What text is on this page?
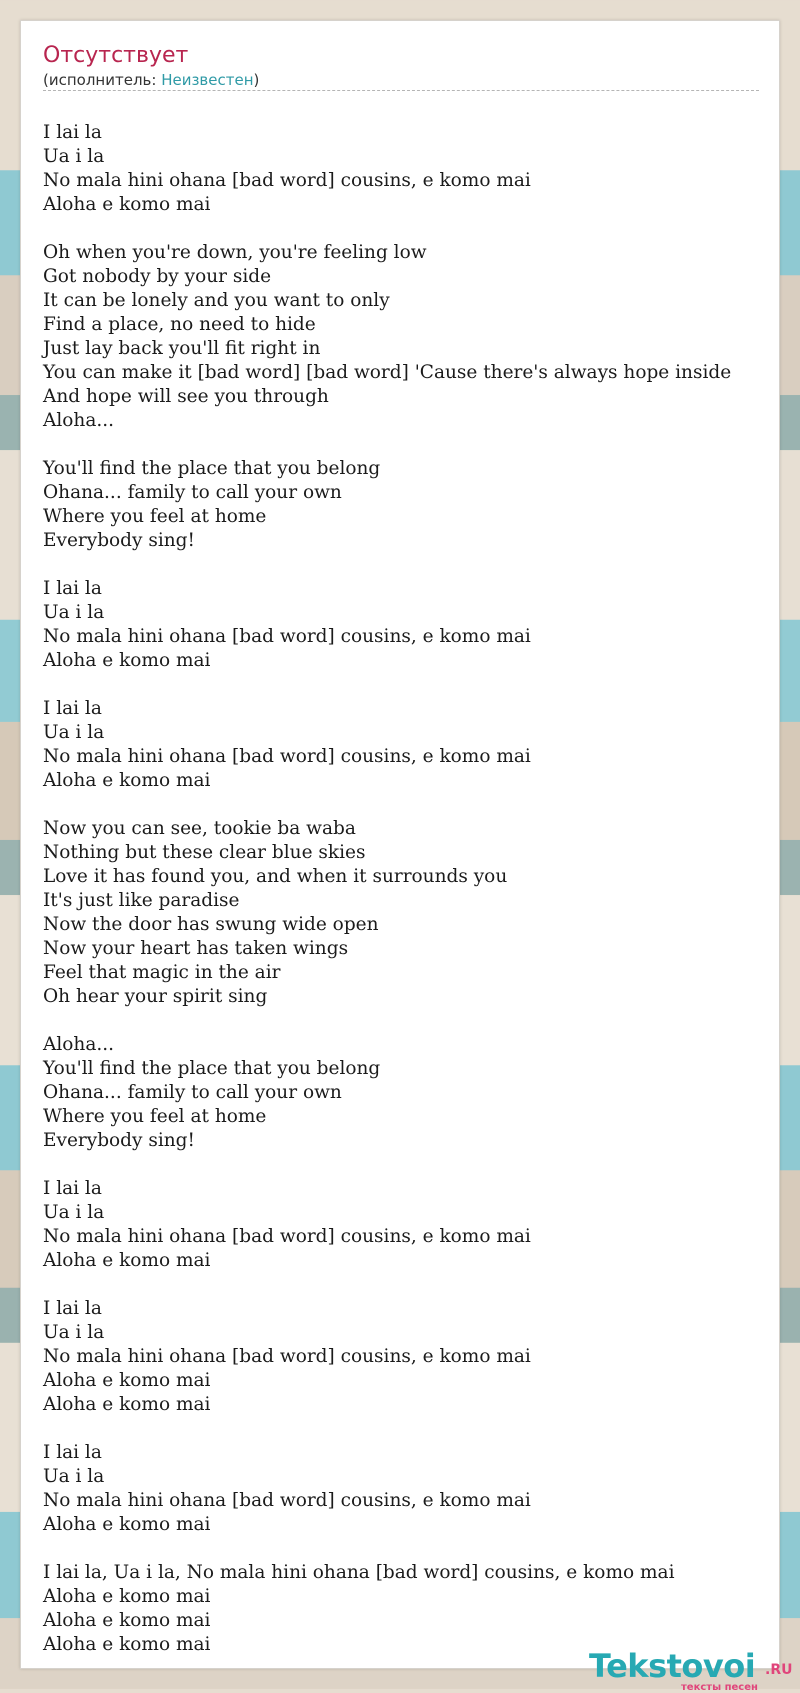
Отсутствует
(исполнитель: Неизвестен)
I lai la
Ua i la
No mala hini ohana [bad word] cousins, e komo mai
Aloha e komo mai
Oh when you're down, you're feeling low
Got nobody by your side
It can be lonely and you want to only
Find a place, no need to hide
Just lay back you'll fit right in
You can make it [bad word] [bad word] 'Cause there's always hope inside
And hope will see you through
Aloha...
You'll find the place that you belong
Ohana... family to call your own
Where you feel at home
Everybody sing!
I lai la
Ua i la
No mala hini ohana [bad word] cousins, e komo mai
Aloha e komo mai
I lai la
Ua i la
No mala hini ohana [bad word] cousins, e komo mai
Aloha e komo mai
Now you can see, tookie ba waba
Nothing but these clear blue skies
Love it has found you, and when it surrounds you
It's just like paradise
Now the door has swung wide open
Now your heart has taken wings
Feel that magic in the air
Oh hear your spirit sing
Aloha...
You'll find the place that you belong
Ohana... family to call your own
Where you feel at home
Everybody sing!
I lai la
Ua i la
No mala hini ohana [bad word] cousins, e komo mai
Aloha e komo mai
I lai la
Ua i la
No mala hini ohana [bad word] cousins, e komo mai
Aloha e komo mai
Aloha e komo mai
I lai la
Ua i la
No mala hini ohana [bad word] cousins, e komo mai
Aloha e komo mai
I lai la, Ua i la, No mala hini ohana [bad word] cousins, e komo mai
Aloha e komo mai
Aloha e komo mai
Aloha e komo mai
Tekstovoi .RU
тексты песен
